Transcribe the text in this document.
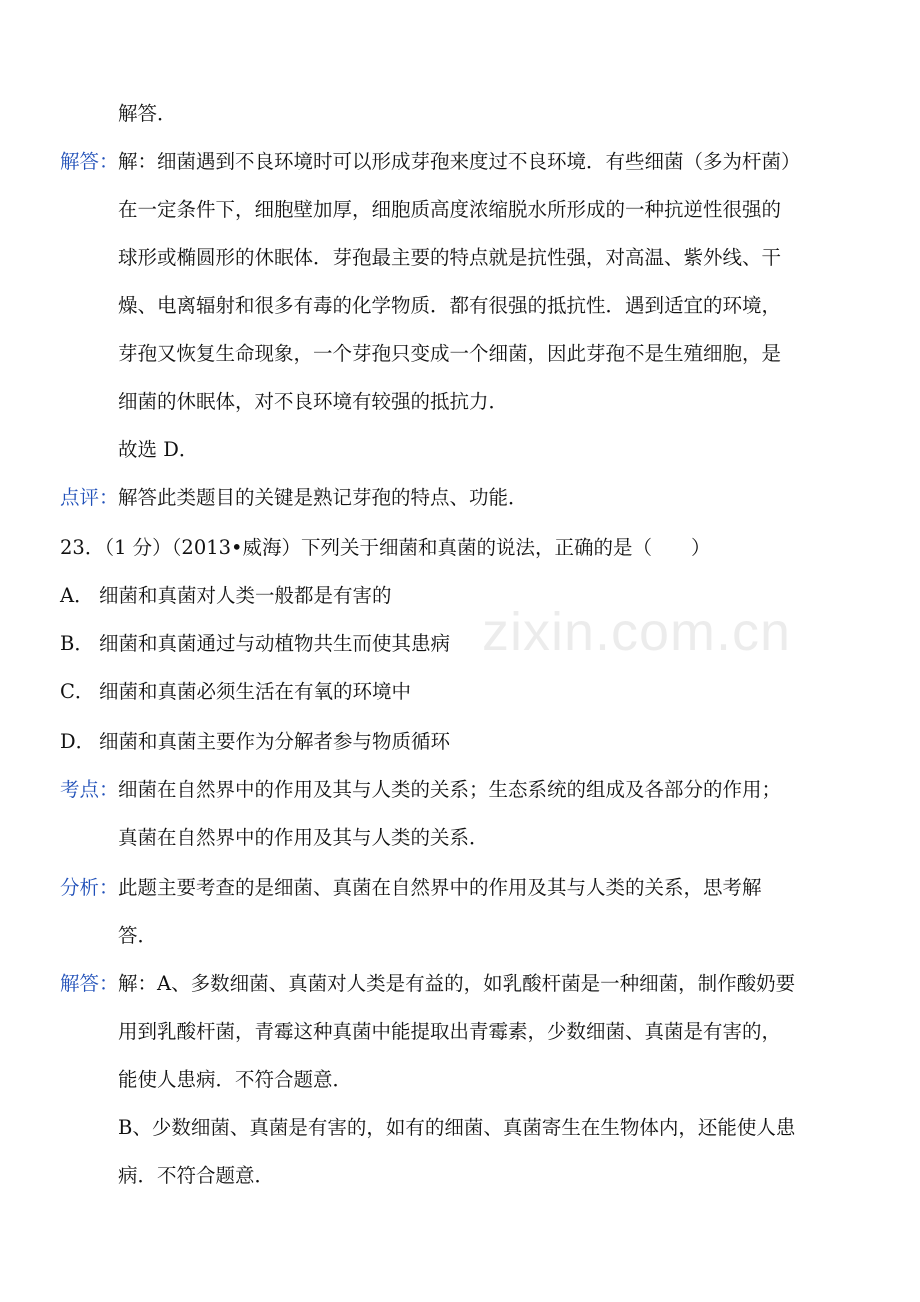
zixin.com.cn
解答．
解答： 解：细菌遇到不良环境时可以形成芽孢来度过不良环境．有些细菌（多为杆菌）
在一定条件下，细胞壁加厚，细胞质高度浓缩脱水所形成的一种抗逆性很强的
球形或椭圆形的休眠体．芽孢最主要的特点就是抗性强，对高温、紫外线、干
燥、电离辐射和很多有毒的化学物质．都有很强的抵抗性．遇到适宜的环境，
芽孢又恢复生命现象，一个芽孢只变成一个细菌，因此芽孢不是生殖细胞，是
细菌的休眠体，对不良环境有较强的抵抗力．
故选 D．
点评： 解答此类题目的关键是熟记芽孢的特点、功能．
23．（1 分）（2013•威海）下列关于细菌和真菌的说法，正确的是（　　）
A． 细菌和真菌对人类一般都是有害的
B． 细菌和真菌通过与动植物共生而使其患病
C． 细菌和真菌必须生活在有氧的环境中
D． 细菌和真菌主要作为分解者参与物质循环
考点： 细菌在自然界中的作用及其与人类的关系；生态系统的组成及各部分的作用；
真菌在自然界中的作用及其与人类的关系．
分析： 此题主要考查的是细菌、真菌在自然界中的作用及其与人类的关系，思考解
答．
解答： 解：A、多数细菌、真菌对人类是有益的，如乳酸杆菌是一种细菌，制作酸奶要
用到乳酸杆菌，青霉这种真菌中能提取出青霉素，少数细菌、真菌是有害的，
能使人患病．不符合题意．
B、少数细菌、真菌是有害的，如有的细菌、真菌寄生在生物体内，还能使人患
病．不符合题意．
